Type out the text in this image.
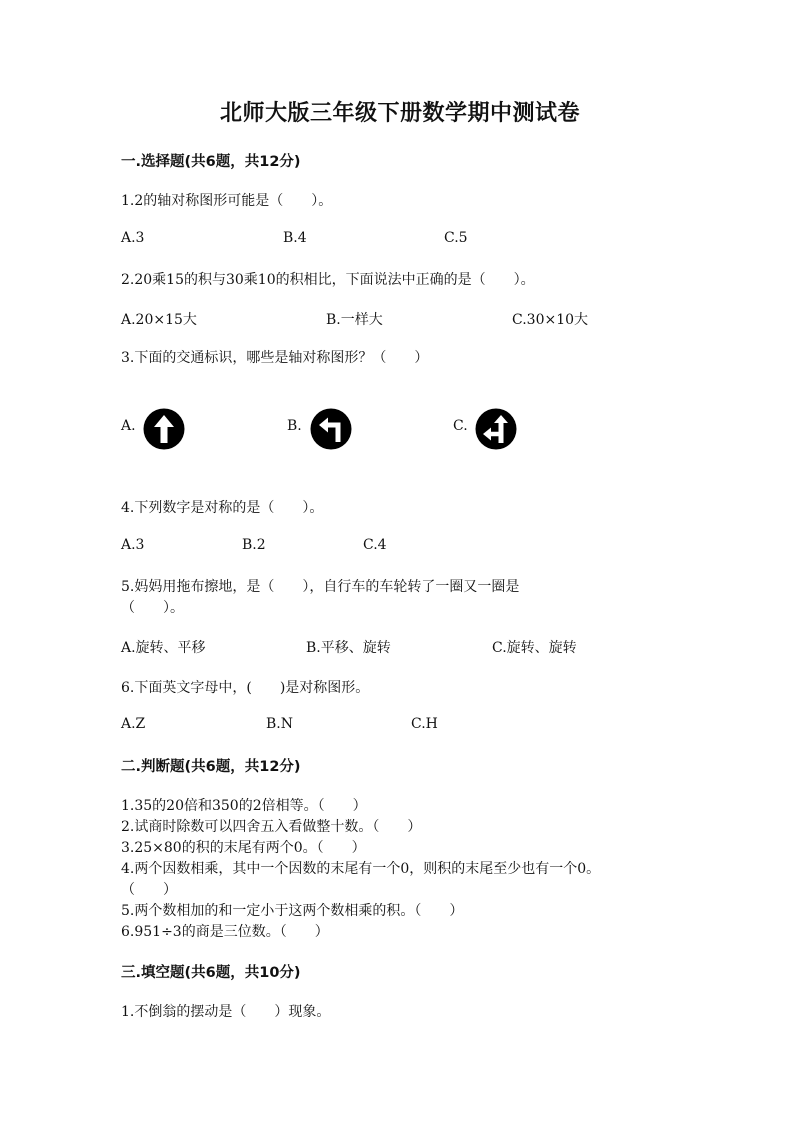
北师大版三年级下册数学期中测试卷
一.选择题(共6题，共12分)
1.2的轴对称图形可能是（　　）。
A.3	B.4	C.5
2.20乘15的积与30乘10的积相比，下面说法中正确的是（　　）。
A.20×15大	B.一样大	C.30×10大
3.下面的交通标识，哪些是轴对称图形？（　　）
A.	B.	C.
4.下列数字是对称的是（　　）。
A.3	B.2	C.4
5.妈妈用拖布擦地，是（　　），自行车的车轮转了一圈又一圈是
（　　）。
A.旋转、平移	B.平移、旋转	C.旋转、旋转
6.下面英文字母中，(　　)是对称图形。
A.Z	B.N	C.H
二.判断题(共6题，共12分)
1.35的20倍和350的2倍相等。（　　）
2.试商时除数可以四舍五入看做整十数。（　　）
3.25×80的积的末尾有两个0。（　　）
4.两个因数相乘，其中一个因数的末尾有一个0，则积的末尾至少也有一个0。
（　　）
5.两个数相加的和一定小于这两个数相乘的积。（　　）
6.951÷3的商是三位数。（　　）
三.填空题(共6题，共10分)
1.不倒翁的摆动是（　　）现象。
